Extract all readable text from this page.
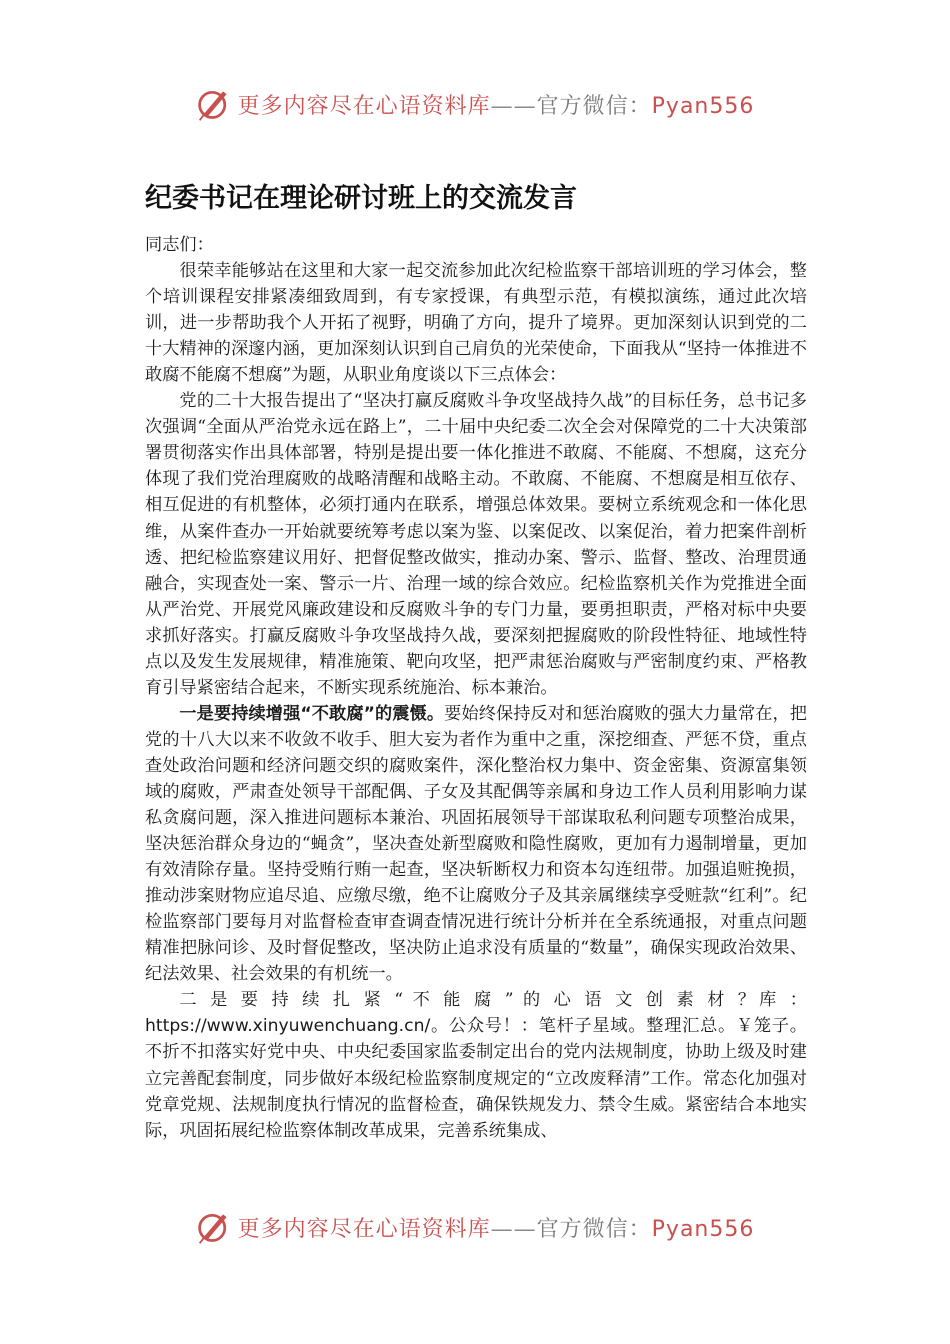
更多内容尽在心语资料库——官方微信：Pyan556
纪委书记在理论研讨班上的交流发言

同志们：

很荣幸能够站在这里和大家一起交流参加此次纪检监察干部培训班的学习体会，整个培训课程安排紧凑细致周到，有专家授课，有典型示范，有模拟演练，通过此次培训，进一步帮助我个人开拓了视野，明确了方向，提升了境界。更加深刻认识到党的二十大精神的深邃内涵，更加深刻认识到自己肩负的光荣使命，下面我从“坚持一体推进不敢腐不能腐不想腐”为题，从职业角度谈以下三点体会：

党的二十大报告提出了“坚决打赢反腐败斗争攻坚战持久战”的目标任务，总书记多次强调“全面从严治党永远在路上”，二十届中央纪委二次全会对保障党的二十大决策部署贯彻落实作出具体部署，特别是提出要一体化推进不敢腐、不能腐、不想腐，这充分体现了我们党治理腐败的战略清醒和战略主动。不敢腐、不能腐、不想腐是相互依存、相互促进的有机整体，必须打通内在联系，增强总体效果。要树立系统观念和一体化思维，从案件查办一开始就要统筹考虑以案为鉴、以案促改、以案促治，着力把案件剖析透、把纪检监察建议用好、把督促整改做实，推动办案、警示、监督、整改、治理贯通融合，实现查处一案、警示一片、治理一域的综合效应。纪检监察机关作为党推进全面从严治党、开展党风廉政建设和反腐败斗争的专门力量，要勇担职责，严格对标中央要求抓好落实。打赢反腐败斗争攻坚战持久战，要深刻把握腐败的阶段性特征、地域性特点以及发生发展规律，精准施策、靶向攻坚，把严肃惩治腐败与严密制度约束、严格教育引导紧密结合起来，不断实现系统施治、标本兼治。

一是要持续增强“不敢腐”的震慑。要始终保持反对和惩治腐败的强大力量常在，把党的十八大以来不收敛不收手、胆大妄为者作为重中之重，深挖细查、严惩不贷，重点查处政治问题和经济问题交织的腐败案件，深化整治权力集中、资金密集、资源富集领域的腐败，严肃查处领导干部配偶、子女及其配偶等亲属和身边工作人员利用影响力谋私贪腐问题，深入推进问题标本兼治、巩固拓展领导干部谋取私利问题专项整治成果，坚决惩治群众身边的“蝇贪”，坚决查处新型腐败和隐性腐败，更加有力遏制增量，更加有效清除存量。坚持受贿行贿一起查，坚决斩断权力和资本勾连纽带。加强追赃挽损，推动涉案财物应追尽追、应缴尽缴，绝不让腐败分子及其亲属继续享受赃款“红利”。纪检监察部门要每月对监督检查审查调查情况进行统计分析并在全系统通报，对重点问题精准把脉问诊、及时督促整改，坚决防止追求没有质量的“数量”，确保实现政治效果、纪法效果、社会效果的有机统一。

二 是 要 持 续 扎 紧 “ 不 能 腐 ” 的 心 语 文 创 素 材 ？库 ： https://www.xinyuwenchuang.cn/。公众号！：笔杆子星域。整理汇总。￥笼子。不折不扣落实好党中央、中央纪委国家监委制定出台的党内法规制度，协助上级及时建立完善配套制度，同步做好本级纪检监察制度规定的“立改废释清”工作。常态化加强对党章党规、法规制度执行情况的监督检查，确保铁规发力、禁令生威。紧密结合本地实际，巩固拓展纪检监察体制改革成果，完善系统集成、

更多内容尽在心语资料库——官方微信：Pyan556
